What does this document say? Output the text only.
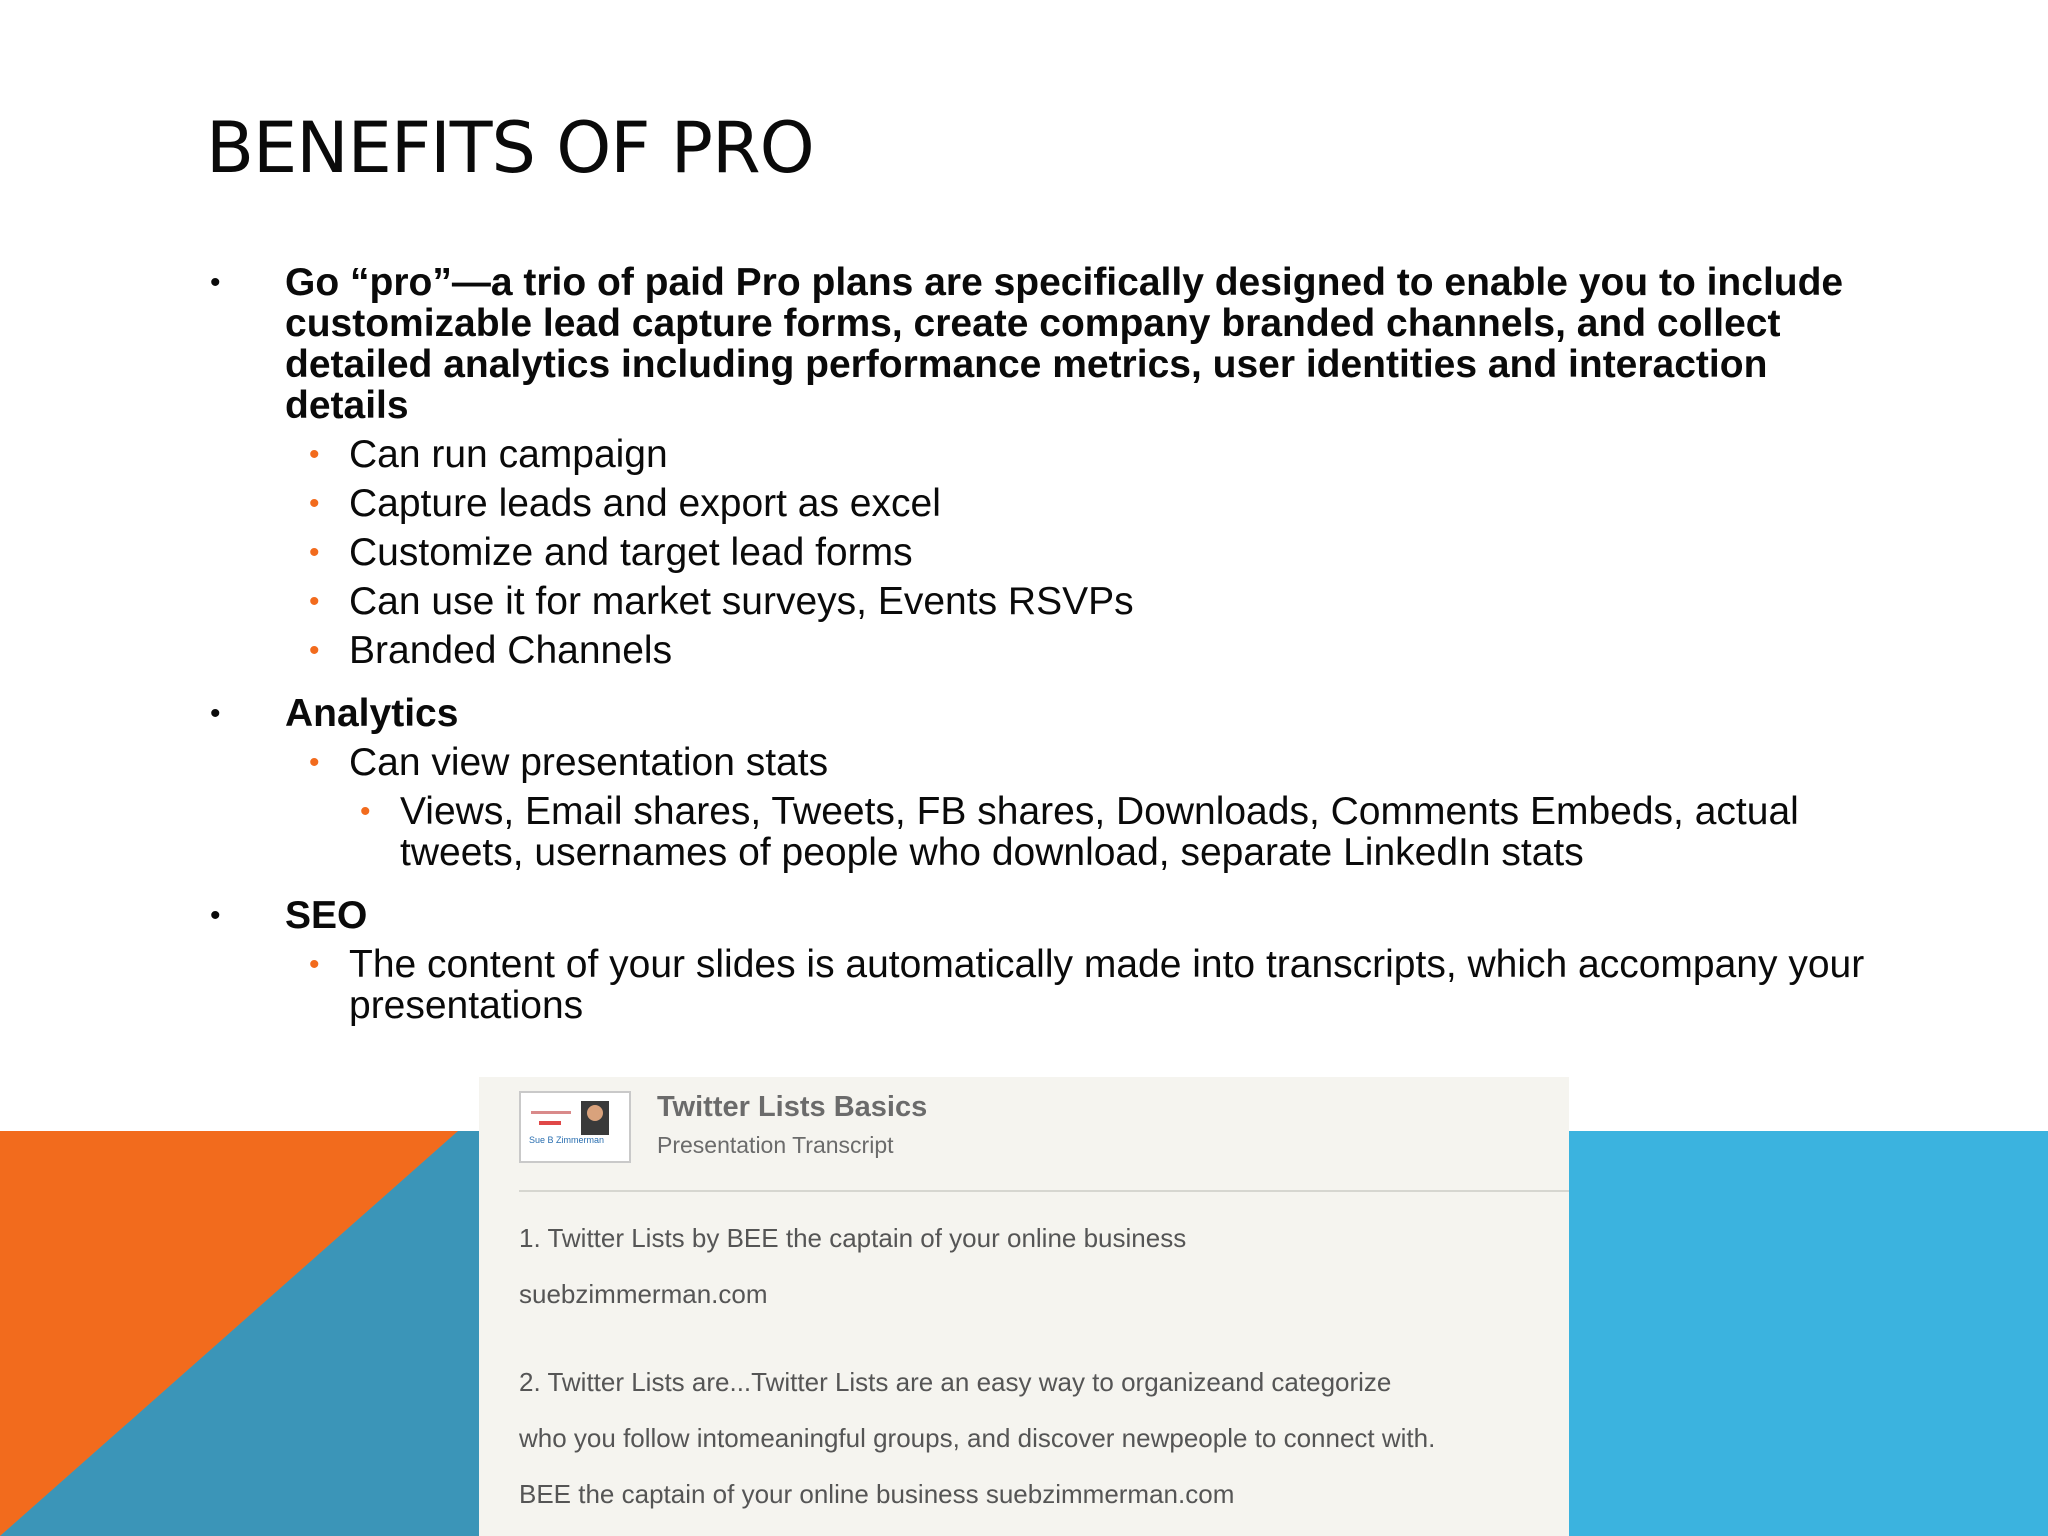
BENEFITS OF PRO
• Go “pro”—a trio of paid Pro plans are specifically designed to enable you to include customizable lead capture forms, create company branded channels, and collect detailed analytics including performance metrics, user identities and interaction details
• Can run campaign
• Capture leads and export as excel
• Customize and target lead forms
• Can use it for market surveys, Events RSVPs
• Branded Channels
• Analytics
• Can view presentation stats
• Views, Email shares, Tweets, FB shares, Downloads, Comments Embeds, actual tweets, usernames of people who download, separate LinkedIn stats
• SEO
• The content of your slides is automatically made into transcripts, which accompany your presentations
Sue B Zimmerman
Twitter Lists Basics
Presentation Transcript
1. Twitter Lists by BEE the captain of your online business
suebzimmerman.com
2. Twitter Lists are...Twitter Lists are an easy way to organizeand categorize
who you follow intomeaningful groups, and discover newpeople to connect with.
BEE the captain of your online business suebzimmerman.com
